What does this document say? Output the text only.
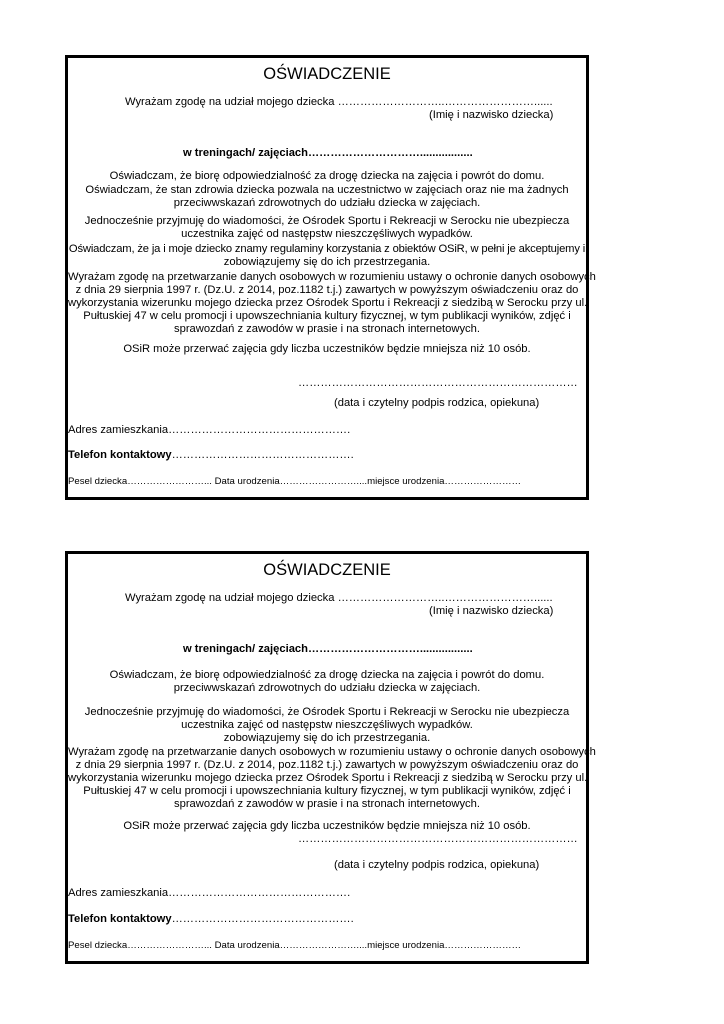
OŚWIADCZENIE
Wyrażam zgodę na udział mojego dziecka ………………………..……………………......
(Imię i nazwisko dziecka)
w treningach/ zajęciach………………………….................
Oświadczam, że biorę odpowiedzialność za drogę dziecka na zajęcia i powrót do domu.
Oświadczam, że stan zdrowia dziecka pozwala na uczestnictwo w zajęciach oraz nie ma żadnych
przeciwwskazań zdrowotnych do udziału dziecka w zajęciach.
Jednocześnie przyjmuję do wiadomości, że Ośrodek Sportu i Rekreacji w Serocku nie ubezpiecza
uczestnika zajęć od następstw nieszczęśliwych wypadków.
Oświadczam, że ja i moje dziecko znamy regulaminy korzystania z obiektów OSiR, w pełni je akceptujemy i
zobowiązujemy się do ich przestrzegania.
Wyrażam zgodę na przetwarzanie danych osobowych w rozumieniu ustawy o ochronie danych osobowych
z dnia 29 sierpnia 1997 r. (Dz.U. z 2014, poz.1182 t.j.) zawartych w powyższym oświadczeniu oraz do
wykorzystania wizerunku mojego dziecka przez Ośrodek Sportu i Rekreacji z siedzibą w Serocku przy ul.
Pułtuskiej 47 w celu promocji i upowszechniania kultury fizycznej, w tym publikacji wyników, zdjęć i
sprawozdań z zawodów w prasie i na stronach internetowych.
OSiR może przerwać zajęcia gdy liczba uczestników będzie mniejsza niż 10 osób.
…………………………………………………………………
(data i czytelny podpis rodzica, opiekuna)
Adres zamieszkania………………………………………….
Telefon kontaktowy………………………………………….
Pesel dziecka……………………... Data urodzenia……………………....miejsce urodzenia……………………
OŚWIADCZENIE
Wyrażam zgodę na udział mojego dziecka ………………………..……………………......
(Imię i nazwisko dziecka)
w treningach/ zajęciach………………………….................
Oświadczam, że biorę odpowiedzialność za drogę dziecka na zajęcia i powrót do domu.
przeciwwskazań zdrowotnych do udziału dziecka w zajęciach.
Jednocześnie przyjmuję do wiadomości, że Ośrodek Sportu i Rekreacji w Serocku nie ubezpiecza
uczestnika zajęć od następstw nieszczęśliwych wypadków.
zobowiązujemy się do ich przestrzegania.
Wyrażam zgodę na przetwarzanie danych osobowych w rozumieniu ustawy o ochronie danych osobowych
z dnia 29 sierpnia 1997 r. (Dz.U. z 2014, poz.1182 t.j.) zawartych w powyższym oświadczeniu oraz do
wykorzystania wizerunku mojego dziecka przez Ośrodek Sportu i Rekreacji z siedzibą w Serocku przy ul.
Pułtuskiej 47 w celu promocji i upowszechniania kultury fizycznej, w tym publikacji wyników, zdjęć i
sprawozdań z zawodów w prasie i na stronach internetowych.
OSiR może przerwać zajęcia gdy liczba uczestników będzie mniejsza niż 10 osób.
…………………………………………………………………
(data i czytelny podpis rodzica, opiekuna)
Adres zamieszkania………………………………………….
Telefon kontaktowy………………………………………….
Pesel dziecka……………………... Data urodzenia……………………....miejsce urodzenia……………………
